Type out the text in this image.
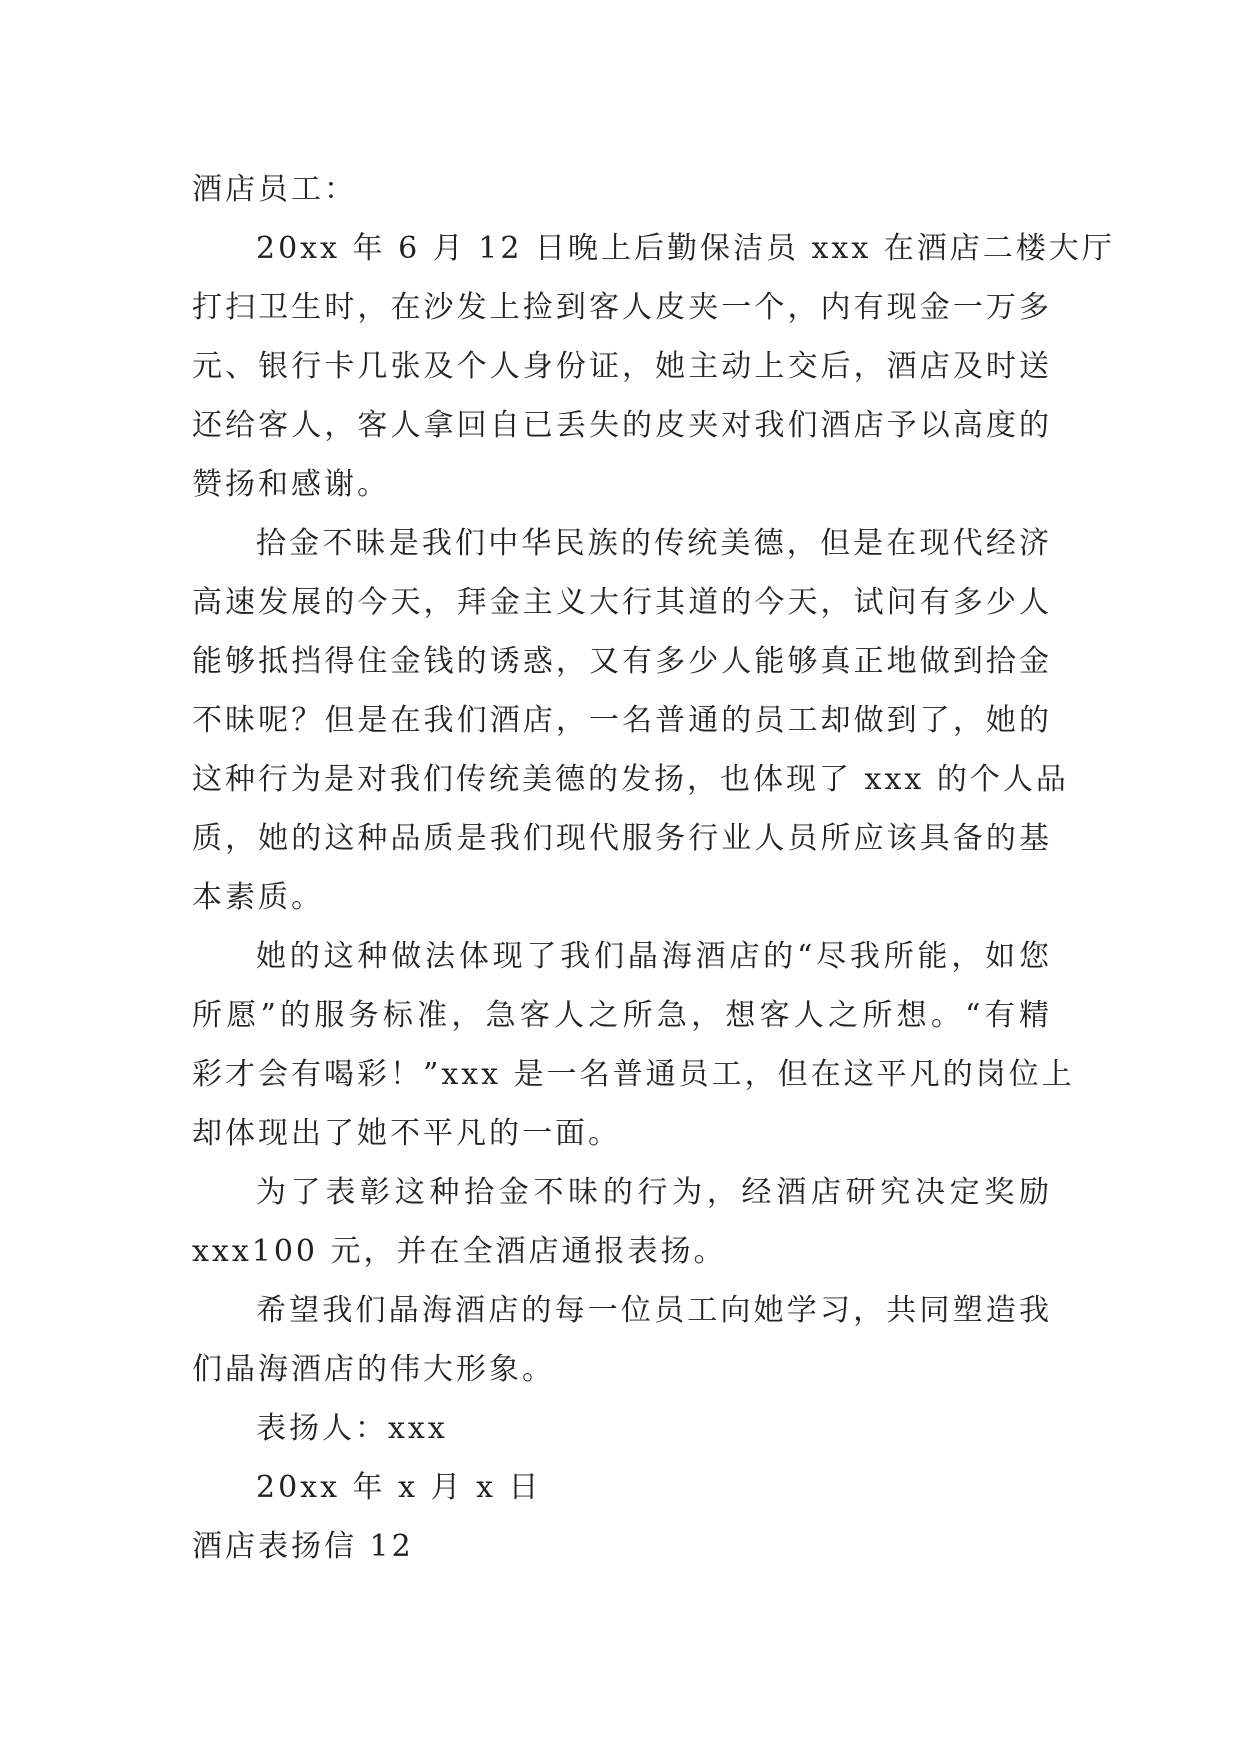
酒店员工：
20xx 年 6 月 12 日晚上后勤保洁员 xxx 在酒店二楼大厅
打扫卫生时，在沙发上捡到客人皮夹一个，内有现金一万多
元、银行卡几张及个人身份证，她主动上交后，酒店及时送
还给客人，客人拿回自已丢失的皮夹对我们酒店予以高度的
赞扬和感谢。
拾金不昧是我们中华民族的传统美德，但是在现代经济
高速发展的今天，拜金主义大行其道的今天，试问有多少人
能够抵挡得住金钱的诱惑，又有多少人能够真正地做到拾金
不昧呢？但是在我们酒店，一名普通的员工却做到了，她的
这种行为是对我们传统美德的发扬，也体现了 xxx 的个人品
质，她的这种品质是我们现代服务行业人员所应该具备的基
本素质。
她的这种做法体现了我们晶海酒店的“尽我所能，如您
所愿”的服务标准，急客人之所急，想客人之所想。“有精
彩才会有喝彩！”xxx 是一名普通员工，但在这平凡的岗位上
却体现出了她不平凡的一面。
为了表彰这种拾金不昧的行为，经酒店研究决定奖励
xxx100 元，并在全酒店通报表扬。
希望我们晶海酒店的每一位员工向她学习，共同塑造我
们晶海酒店的伟大形象。
表扬人：xxx
20xx 年 x 月 x 日
酒店表扬信 12
